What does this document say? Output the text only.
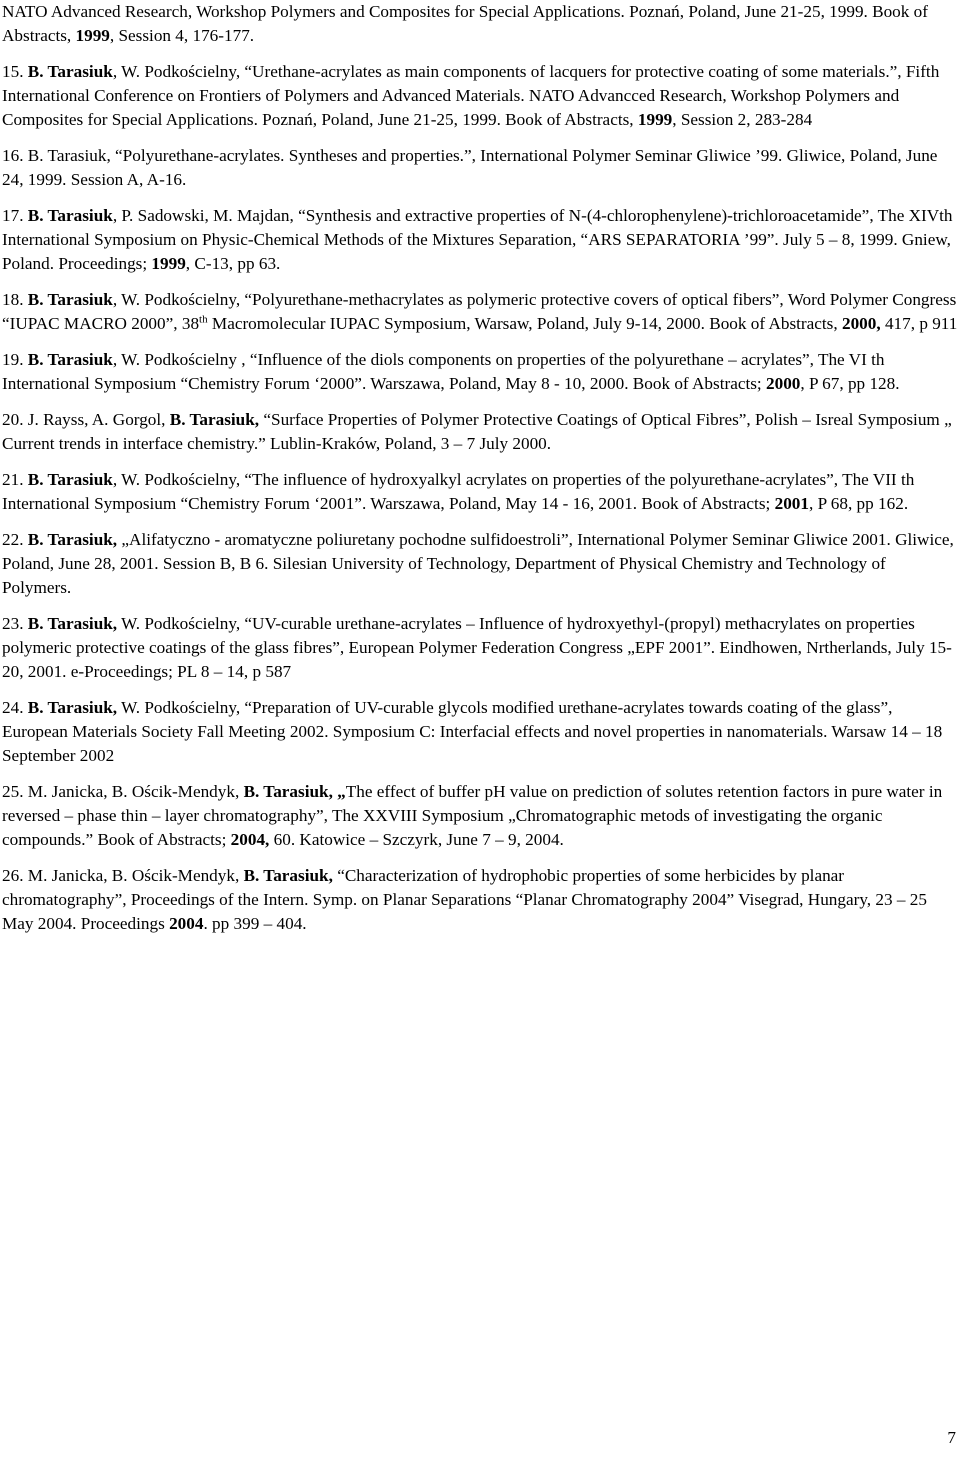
NATO Advanced Research, Workshop Polymers and Composites for Special Applications. Poznań, Poland, June 21-25, 1999. Book of Abstracts, 1999, Session 4, 176-177.

15. B. Tarasiuk, W. Podkościelny, “Urethane-acrylates as main components of lacquers for protective coating of some materials.”, Fifth International Conference on Frontiers of Polymers and Advanced Materials. NATO Advancced Research, Workshop Polymers and Composites for Special Applications. Poznań, Poland, June 21-25, 1999. Book of Abstracts, 1999, Session 2, 283-284

16. B. Tarasiuk, “Polyurethane-acrylates. Syntheses and properties.”, International Polymer Seminar Gliwice ’99. Gliwice, Poland, June 24, 1999. Session A, A-16.

17. B. Tarasiuk, P. Sadowski, M. Majdan, “Synthesis and extractive properties of N-(4-chlorophenylene)-trichloroacetamide”, The XIVth International Symposium on Physic-Chemical Methods of the Mixtures Separation, “ARS SEPARATORIA ’99”. July 5 – 8, 1999. Gniew, Poland. Proceedings; 1999, C-13, pp 63.

18. B. Tarasiuk, W. Podkościelny, “Polyurethane-methacrylates as polymeric protective covers of optical fibers”, Word Polymer Congress “IUPAC MACRO 2000”, 38th Macromolecular IUPAC Symposium, Warsaw, Poland, July 9-14, 2000. Book of Abstracts, 2000, 417, p 911

19. B. Tarasiuk, W. Podkościelny , “Influence of the diols components on properties of the polyurethane – acrylates”, The VI th International Symposium “Chemistry Forum ‘2000”. Warszawa, Poland, May 8 - 10, 2000. Book of Abstracts; 2000, P 67, pp 128.

20. J. Rayss, A. Gorgol, B. Tarasiuk, “Surface Properties of Polymer Protective Coatings of Optical Fibres”, Polish – Isreal Symposium „ Current trends in interface chemistry.” Lublin-Kraków, Poland, 3 – 7 July 2000.

21. B. Tarasiuk, W. Podkościelny, “The influence of hydroxyalkyl acrylates on properties of the polyurethane-acrylates”, The VII th International Symposium “Chemistry Forum ‘2001”. Warszawa, Poland, May 14 - 16, 2001. Book of Abstracts; 2001, P 68, pp 162.

22. B. Tarasiuk, „Alifatyczno - aromatyczne poliuretany pochodne sulfidoestroli”, International Polymer Seminar Gliwice 2001. Gliwice, Poland, June 28, 2001. Session B, B 6. Silesian University of Technology, Department of Physical Chemistry and Technology of Polymers.

23. B. Tarasiuk, W. Podkościelny, “UV-curable urethane-acrylates – Influence of hydroxyethyl-(propyl) methacrylates on properties polymeric protective coatings of the glass fibres”, European Polymer Federation Congress „EPF 2001”. Eindhowen, Nrtherlands, July 15-20, 2001. e-Proceedings; PL 8 – 14, p 587

24. B. Tarasiuk, W. Podkościelny, “Preparation of UV-curable glycols modified urethane-acrylates towards coating of the glass”, European Materials Society Fall Meeting 2002. Symposium C: Interfacial effects and novel properties in nanomaterials. Warsaw 14 – 18 September 2002

25. M. Janicka, B. Ościk-Mendyk, B. Tarasiuk, „The effect of buffer pH value on prediction of solutes retention factors in pure water in reversed – phase thin – layer chromatography”, The XXVIII Symposium „Chromatographic metods of investigating the organic compounds.” Book of Abstracts; 2004, 60. Katowice – Szczyrk, June 7 – 9, 2004.

26. M. Janicka, B. Ościk-Mendyk, B. Tarasiuk, “Characterization of hydrophobic properties of some herbicides by planar chromatography”, Proceedings of the Intern. Symp. on Planar Separations “Planar Chromatography 2004” Visegrad, Hungary, 23 – 25 May 2004. Proceedings 2004. pp 399 – 404.

7
